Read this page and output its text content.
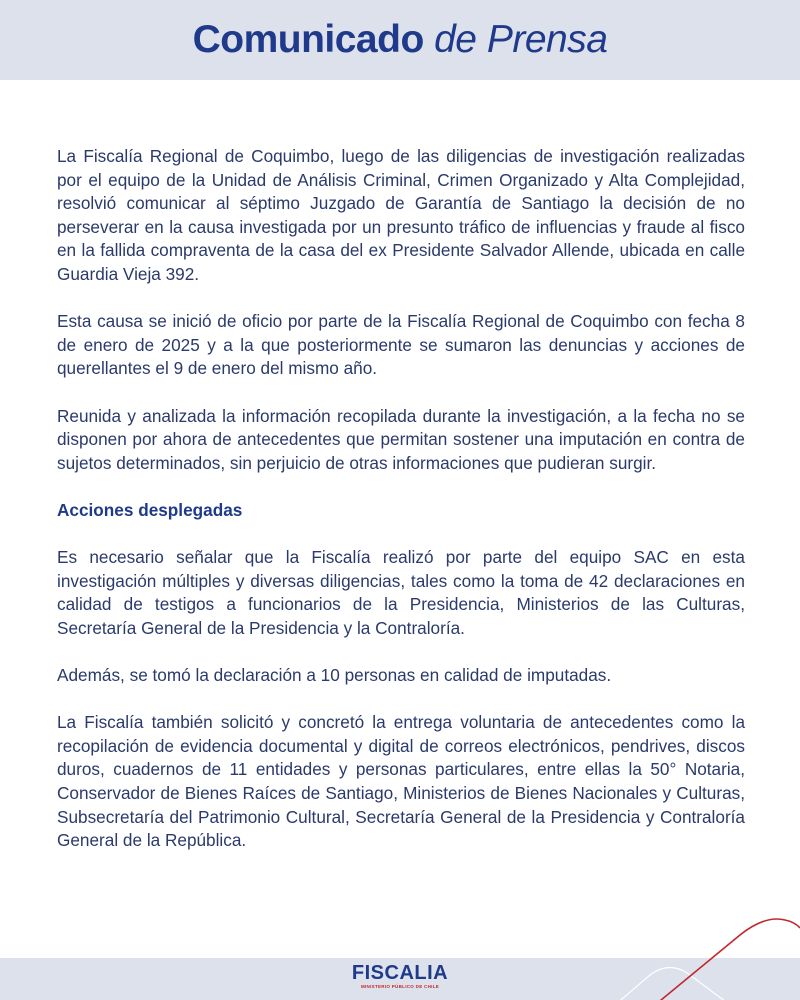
Comunicado de Prensa

La Fiscalía Regional de Coquimbo, luego de las diligencias de investigación realizadas por el equipo de la Unidad de Análisis Criminal, Crimen Organizado y Alta Complejidad, resolvió comunicar al séptimo Juzgado de Garantía de Santiago la decisión de no perseverar en la causa investigada por un presunto tráfico de influencias y fraude al fisco en la fallida compraventa de la casa del ex Presidente Salvador Allende, ubicada en calle Guardia Vieja 392.

Esta causa se inició de oficio por parte de la Fiscalía Regional de Coquimbo con fecha 8 de enero de 2025 y a la que posteriormente se sumaron las denuncias y acciones de querellantes el 9 de enero del mismo año.

Reunida y analizada la información recopilada durante la investigación, a la fecha no se disponen por ahora de antecedentes que permitan sostener una imputación en contra de sujetos determinados, sin perjuicio de otras informaciones que pudieran surgir.

Acciones desplegadas

Es necesario señalar que la Fiscalía realizó por parte del equipo SAC en esta investigación múltiples y diversas diligencias, tales como la toma de 42 declaraciones en calidad de testigos a funcionarios de la Presidencia, Ministerios de las Culturas, Secretaría General de la Presidencia y la Contraloría.

Además, se tomó la declaración a 10 personas en calidad de imputadas.

La Fiscalía también solicitó y concretó la entrega voluntaria de antecedentes como la recopilación de evidencia documental y digital de correos electrónicos, pendrives, discos duros, cuadernos de 11 entidades y personas particulares, entre ellas la 50° Notaria, Conservador de Bienes Raíces de Santiago, Ministerios de Bienes Nacionales y Culturas, Subsecretaría del Patrimonio Cultural, Secretaría General de la Presidencia y Contraloría General de la República.

FISCALIA
MINISTERIO PÚBLICO DE CHILE
